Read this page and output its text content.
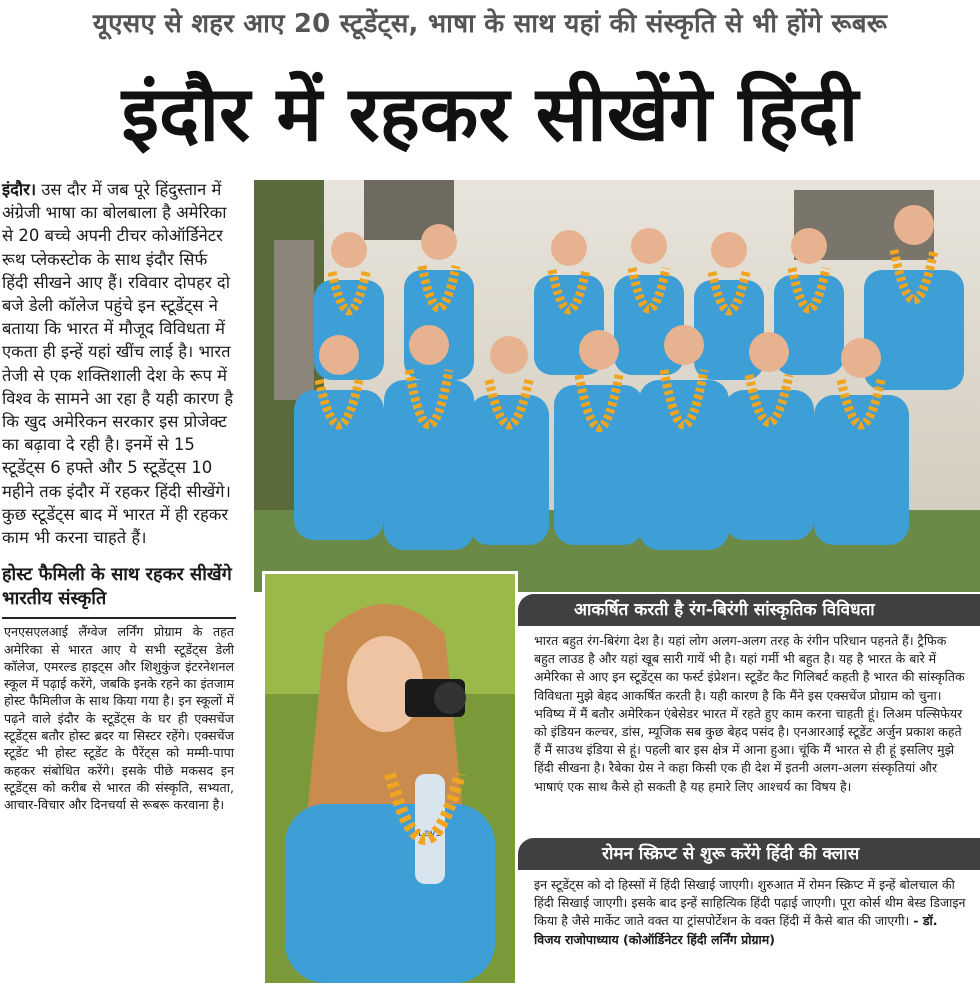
यूएसए से शहर आए 20 स्टूडेंट्स, भाषा के साथ यहां की संस्कृति से भी होंगे रूबरू
इंदौर में रहकर सीखेंगे हिंदी

इंदौर। उस दौर में जब पूरे हिंदुस्तान में अंग्रेजी भाषा का बोलबाला है अमेरिका से 20 बच्चे अपनी टीचर कोऑर्डिनेटर रूथ प्लेकस्टोक के साथ इंदौर सिर्फ हिंदी सीखने आए हैं। रविवार दोपहर दो बजे डेली कॉलेज पहुंचे इन स्टूडेंट्स ने बताया कि भारत में मौजूद विविधता में एकता ही इन्हें यहां खींच लाई है। भारत तेजी से एक शक्तिशाली देश के रूप में विश्व के सामने आ रहा है यही कारण है कि खुद अमेरिकन सरकार इस प्रोजेक्ट का बढ़ावा दे रही है। इनमें से 15 स्टूडेंट्स 6 हफ्ते और 5 स्टूडेंट्स 10 महीने तक इंदौर में रहकर हिंदी सीखेंगे। कुछ स्टूडेंट्स बाद में भारत में ही रहकर काम भी करना चाहते हैं।

होस्ट फैमिली के साथ रहकर सीखेंगे भारतीय संस्कृति

एनएसएलआई लैंग्वेज लर्निंग प्रोग्राम के तहत अमेरिका से भारत आए ये सभी स्टूडेंट्स डेली कॉलेज, एमरल्ड हाइट्स और शिशुकुंज इंटरनेशनल स्कूल में पढ़ाई करेंगे, जबकि इनके रहने का इंतजाम होस्ट फैमिलीज के साथ किया गया है। इन स्कूलों में पढ़ने वाले इंदौर के स्टूडेंट्स के घर ही एक्सचेंज स्टूडेंट्स बतौर होस्ट ब्रदर या सिस्टर रहेंगे। एक्सचेंज स्टूडेंट भी होस्ट स्टूडेंट के पैरेंट्स को मम्मी-पापा कहकर संबोधित करेंगे। इसके पीछे मकसद इन स्टूडेंट्स को करीब से भारत की संस्कृति, सभ्यता, आचार-विचार और दिनचर्या से रूबरू करवाना है।

Lays
आकर्षित करती है रंग-बिरंगी सांस्कृतिक विविधता
भारत बहुत रंग-बिरंगा देश है। यहां लोग अलग-अलग तरह के रंगीन परिधान पहनते हैं। ट्रैफिक बहुत लाउड है और यहां खूब सारी गायें भी है। यहां गर्मी भी बहुत है। यह है भारत के बारे में अमेरिका से आए इन स्टूडेंट्स का फर्स्ट इंप्रेशन। स्टूडेंट कैट गिलिबर्ट कहती है भारत की सांस्कृतिक विविधता मुझे बेहद आकर्षित करती है। यही कारण है कि मैंने इस एक्सचेंज प्रोग्राम को चुना। भविष्य में मैं बतौर अमेरिकन एंबेसेडर भारत में रहते हुए काम करना चाहती हूं। लिअम पल्सिफेयर को इंडियन कल्चर, डांस, म्यूजिक सब कुछ बेहद पसंद है। एनआरआई स्टूडेंट अर्जुन प्रकाश कहते हैं मैं साउथ इंडिया से हूं। पहली बार इस क्षेत्र में आना हुआ। चूंकि मैं भारत से ही हूं इसलिए मुझे हिंदी सीखना है। रैबेका ग्रेस ने कहा किसी एक ही देश में इतनी अलग-अलग संस्कृतियां और भाषाएं एक साथ कैसे हो सकती है यह हमारे लिए आश्चर्य का विषय है।
रोमन स्क्रिप्ट से शुरू करेंगे हिंदी की क्लास
इन स्टूडेंट्स को दो हिस्सों में हिंदी सिखाई जाएगी। शुरुआत में रोमन स्क्रिप्ट में इन्हें बोलचाल की हिंदी सिखाई जाएगी। इसके बाद इन्हें साहित्यिक हिंदी पढ़ाई जाएगी। पूरा कोर्स थीम बेस्ड डिजाइन किया है जैसे मार्केट जाते वक्त या ट्रांसपोर्टेशन के वक्त हिंदी में कैसे बात की जाएगी। - डॉ. विजय राजोपाध्याय (कोऑर्डिनेटर हिंदी लर्निंग प्रोग्राम)
